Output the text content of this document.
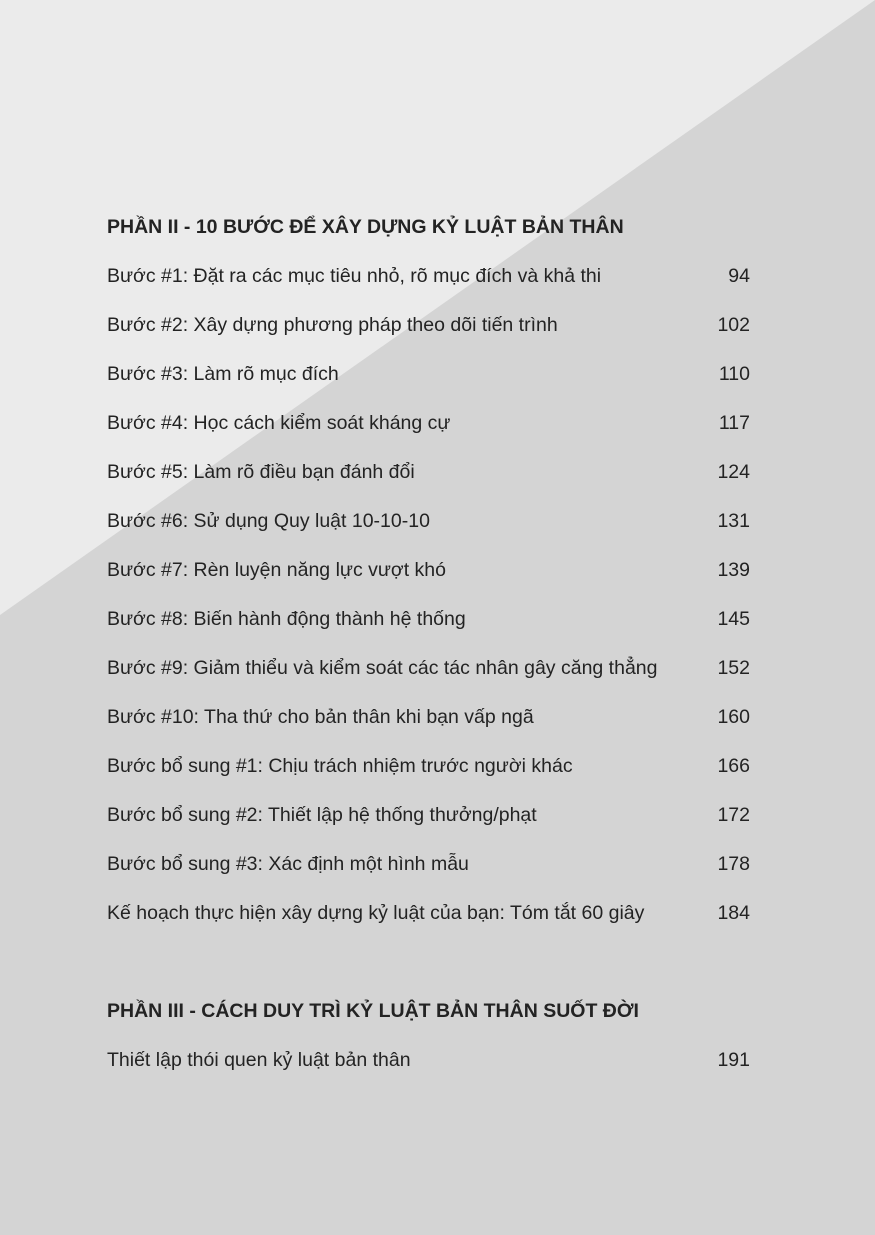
PHẦN II - 10 BƯỚC ĐỂ XÂY DỰNG KỶ LUẬT BẢN THÂN
Bước #1: Đặt ra các mục tiêu nhỏ, rõ mục đích và khả thi	94
Bước #2: Xây dựng phương pháp theo dõi tiến trình	102
Bước #3: Làm rõ mục đích	110
Bước #4: Học cách kiểm soát kháng cự	117
Bước #5: Làm rõ điều bạn đánh đổi	124
Bước #6: Sử dụng Quy luật 10-10-10	131
Bước #7: Rèn luyện năng lực vượt khó	139
Bước #8: Biến hành động thành hệ thống	145
Bước #9: Giảm thiểu và kiểm soát các tác nhân gây căng thẳng	152
Bước #10: Tha thứ cho bản thân khi bạn vấp ngã	160
Bước bổ sung #1: Chịu trách nhiệm trước người khác	166
Bước bổ sung #2: Thiết lập hệ thống thưởng/phạt	172
Bước bổ sung #3: Xác định một hình mẫu	178
Kế hoạch thực hiện xây dựng kỷ luật của bạn: Tóm tắt 60 giây	184
PHẦN III - CÁCH DUY TRÌ KỶ LUẬT BẢN THÂN SUỐT ĐỜI
Thiết lập thói quen kỷ luật bản thân	191
